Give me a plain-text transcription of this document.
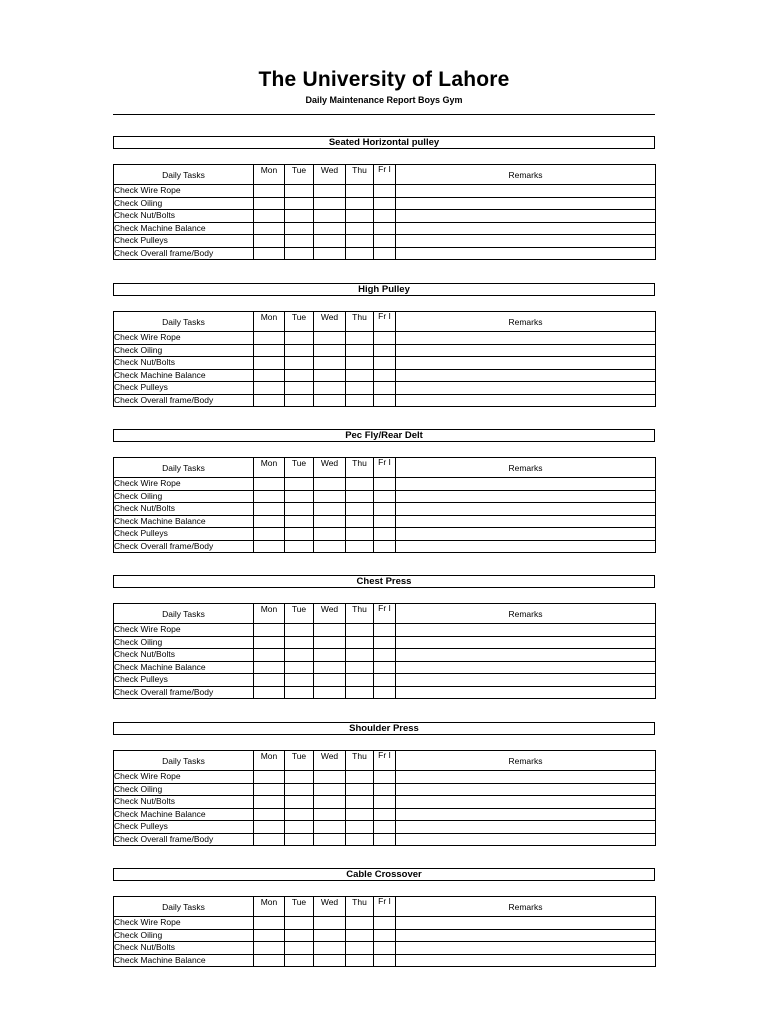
The University of Lahore
Daily Maintenance Report Boys Gym
Seated Horizontal pulley
Daily Tasks	Mon	Tue	Wed	Thu	Fr I	Remarks
Check Wire Rope						
Check Oiling						
Check Nut/Bolts						
Check Machine Balance						
Check Pulleys						
Check Overall frame/Body						
High Pulley
Daily Tasks	Mon	Tue	Wed	Thu	Fr I	Remarks
Check Wire Rope						
Check Oiling						
Check Nut/Bolts						
Check Machine Balance						
Check Pulleys						
Check Overall frame/Body						
Pec Fly/Rear Delt
Daily Tasks	Mon	Tue	Wed	Thu	Fr I	Remarks
Check Wire Rope						
Check Oiling						
Check Nut/Bolts						
Check Machine Balance						
Check Pulleys						
Check Overall frame/Body						
Chest Press
Daily Tasks	Mon	Tue	Wed	Thu	Fr I	Remarks
Check Wire Rope						
Check Oiling						
Check Nut/Bolts						
Check Machine Balance						
Check Pulleys						
Check Overall frame/Body						
Shoulder Press
Daily Tasks	Mon	Tue	Wed	Thu	Fr I	Remarks
Check Wire Rope						
Check Oiling						
Check Nut/Bolts						
Check Machine Balance						
Check Pulleys						
Check Overall frame/Body						
Cable Crossover
Daily Tasks	Mon	Tue	Wed	Thu	Fr I	Remarks
Check Wire Rope						
Check Oiling						
Check Nut/Bolts						
Check Machine Balance						
